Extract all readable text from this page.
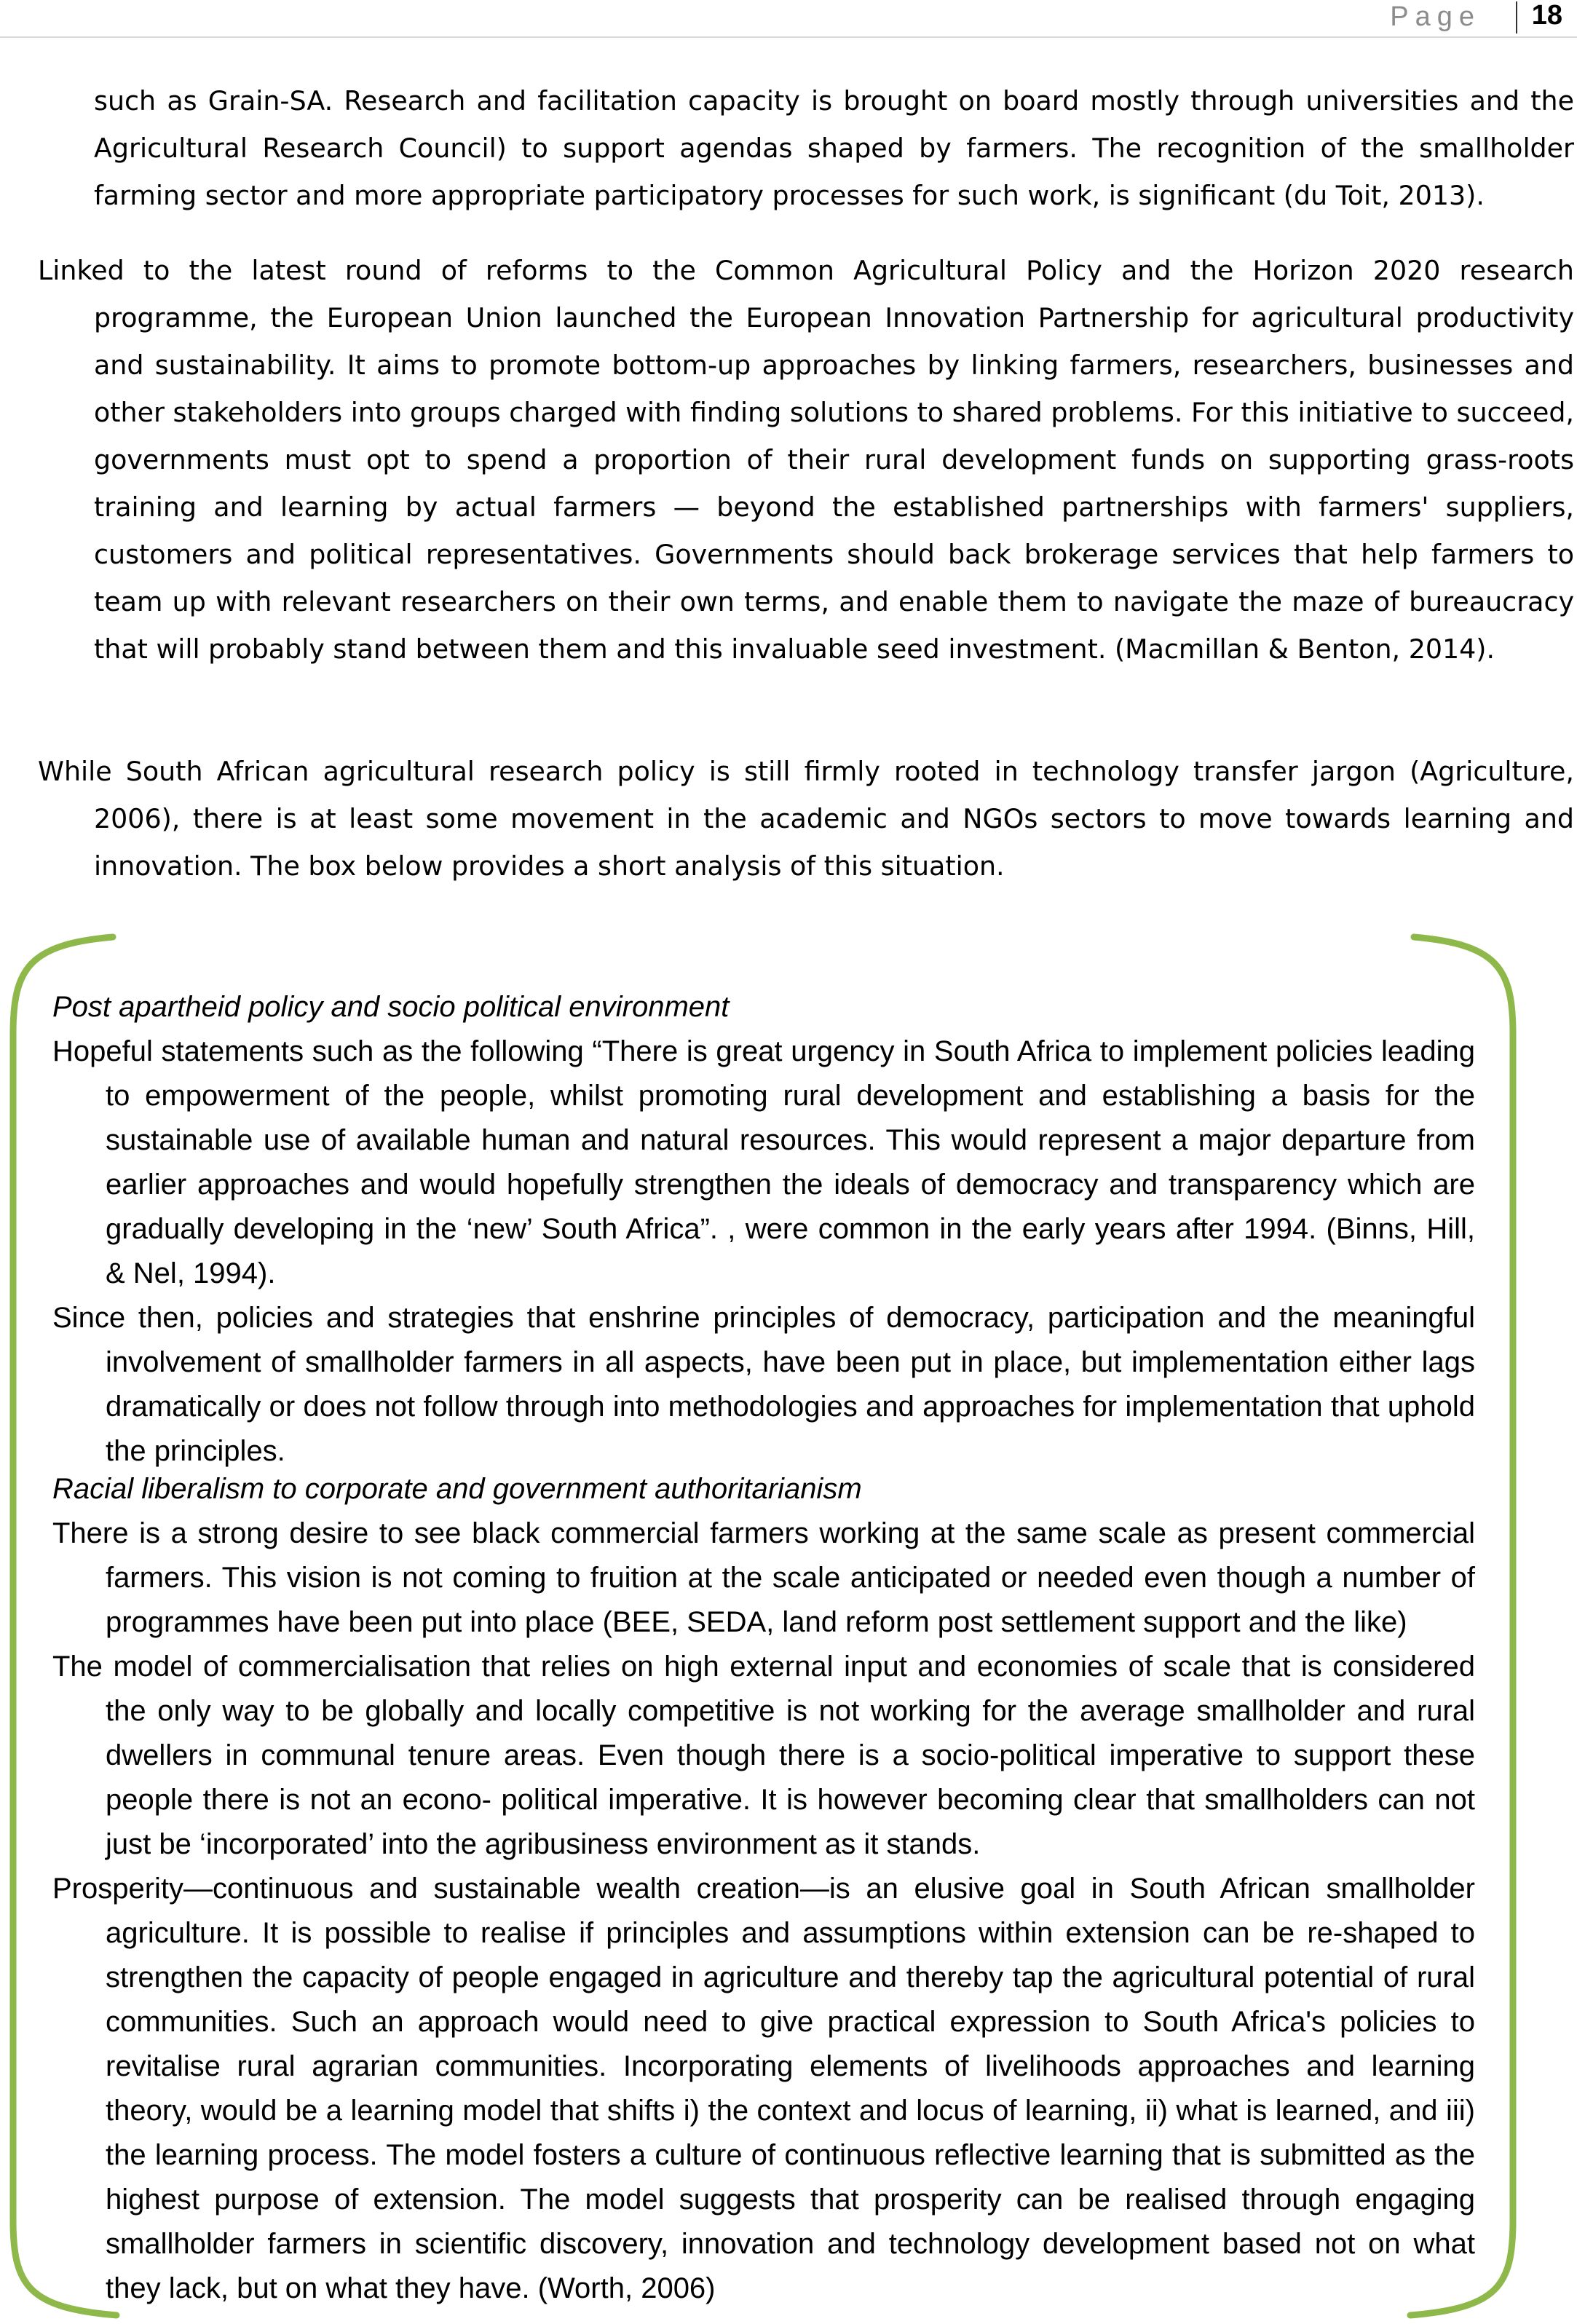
Page 18

such as Grain-SA. Research and facilitation capacity is brought on board mostly through universities and the Agricultural Research Council) to support agendas shaped by farmers. The recognition of the smallholder farming sector and more appropriate participatory processes for such work, is significant (du Toit, 2013).

Linked to the latest round of reforms to the Common Agricultural Policy and the Horizon 2020 research programme, the European Union launched the European Innovation Partnership for agricultural productivity and sustainability. It aims to promote bottom-up approaches by linking farmers, researchers, businesses and other stakeholders into groups charged with finding solutions to shared problems. For this initiative to succeed, governments must opt to spend a proportion of their rural development funds on supporting grass-roots training and learning by actual farmers — beyond the established partnerships with farmers' suppliers, customers and political representatives. Governments should back brokerage services that help farmers to team up with relevant researchers on their own terms, and enable them to navigate the maze of bureaucracy that will probably stand between them and this invaluable seed investment. (Macmillan & Benton, 2014).

While South African agricultural research policy is still firmly rooted in technology transfer jargon (Agriculture, 2006), there is at least some movement in the academic and NGOs sectors to move towards learning and innovation. The box below provides a short analysis of this situation.

Post apartheid policy and socio political environment

Hopeful statements such as the following “There is great urgency in South Africa to implement policies leading to empowerment of the people, whilst promoting rural development and establishing a basis for the sustainable use of available human and natural resources. This would represent a major departure from earlier approaches and would hopefully strengthen the ideals of democracy and transparency which are gradually developing in the ‘new’ South Africa”. , were common in the early years after 1994. (Binns, Hill, & Nel, 1994).

Since then, policies and strategies that enshrine principles of democracy, participation and the meaningful involvement of smallholder farmers in all aspects, have been put in place, but implementation either lags dramatically or does not follow through into methodologies and approaches for implementation that uphold the principles.

Racial liberalism to corporate and government authoritarianism

There is a strong desire to see black commercial farmers working at the same scale as present commercial farmers. This vision is not coming to fruition at the scale anticipated or needed even though a number of programmes have been put into place (BEE, SEDA, land reform post settlement support and the like)

The model of commercialisation that relies on high external input and economies of scale that is considered the only way to be globally and locally competitive is not working for the average smallholder and rural dwellers in communal tenure areas. Even though there is a socio-political imperative to support these people there is not an econo- political imperative. It is however becoming clear that smallholders can not just be ‘incorporated’ into the agribusiness environment as it stands.

Prosperity—continuous and sustainable wealth creation—is an elusive goal in South African smallholder agriculture. It is possible to realise if principles and assumptions within extension can be re-shaped to strengthen the capacity of people engaged in agriculture and thereby tap the agricultural potential of rural communities. Such an approach would need to give practical expression to South Africa's policies to revitalise rural agrarian communities. Incorporating elements of livelihoods approaches and learning theory, would be a learning model that shifts i) the context and locus of learning, ii) what is learned, and iii) the learning process. The model fosters a culture of continuous reflective learning that is submitted as the highest purpose of extension. The model suggests that prosperity can be realised through engaging smallholder farmers in scientific discovery, innovation and technology development based not on what they lack, but on what they have. (Worth, 2006)
